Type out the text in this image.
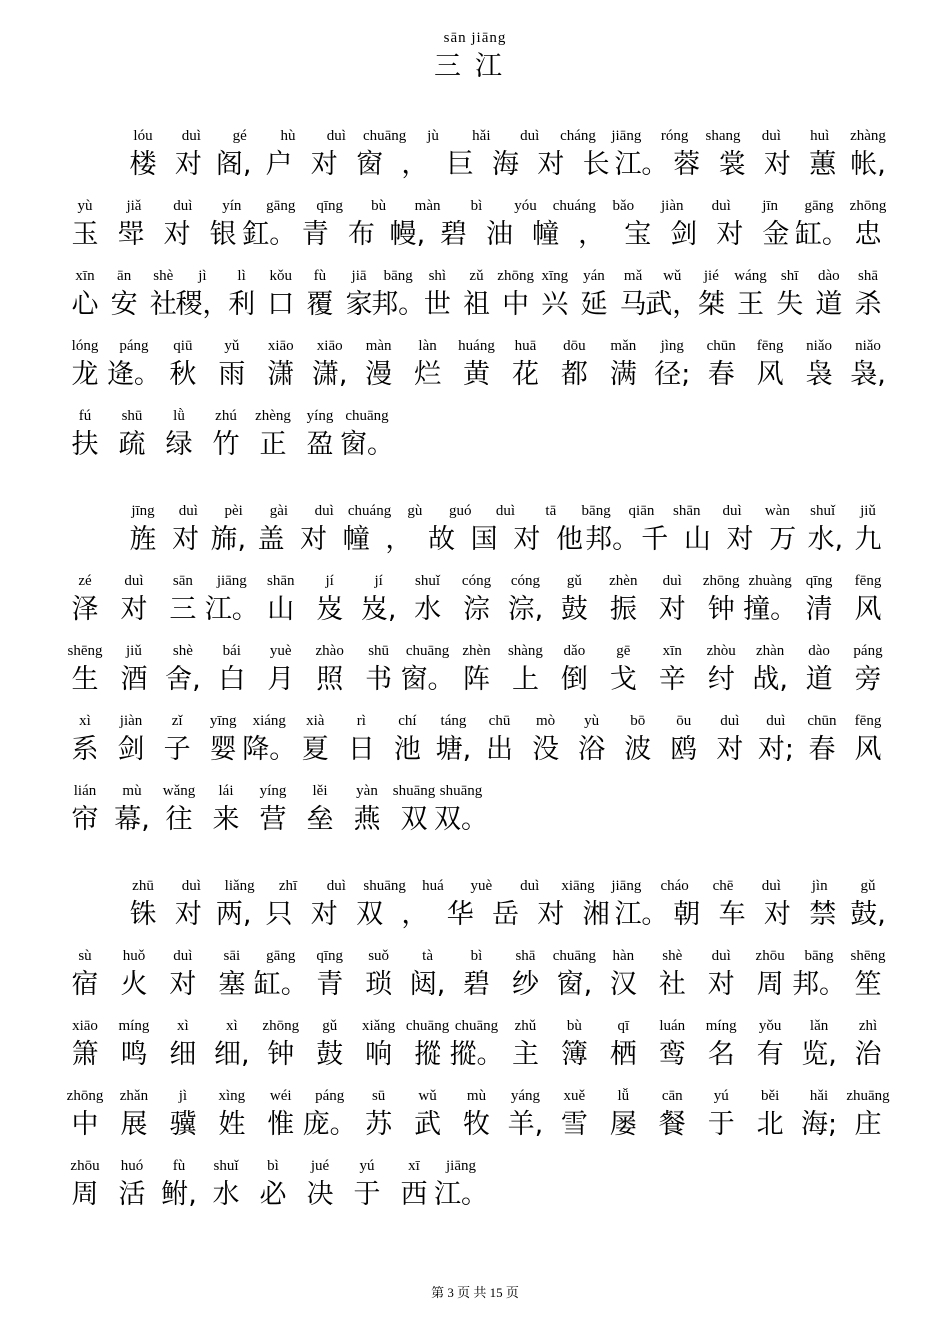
sān jiāng
三江
lóu duì gé hù duì chuāng jù hǎi duì cháng jiāng róng shang duì huì zhàng
楼 对 阁, 户 对 窗 ， 巨 海 对 长 江。 蓉 裳 对 蕙 帐,
yù jiǎ duì yín gāng qīng bù màn bì yóu chuáng bǎo jiàn duì jīn gāng zhōng
玉 斝 对 银 釭。 青 布 幔, 碧 油 幢 ， 宝 剑 对 金 缸。 忠
xīn ān shè jì lì kǒu fù jiā bāng shì zǔ zhōng xīng yán mǎ wǔ jié wáng shī dào shā
心 安 社
稷，
利 口 覆 家
邦。
世 祖 中 兴 延 马
武，
桀 王 失 道 杀
lóng páng qiū yǔ xiāo xiāo màn làn huáng huā dōu mǎn jìng chūn fēng niǎo niǎo
龙 逄。 秋 雨 潇 潇, 漫 烂 黄 花 都 满 径; 春 风 袅 袅,
fú shū lǜ zhú zhèng yíng chuāng
扶 疏 绿 竹 正 盈 窗。
jīng duì pèi gài duì chuáng gù guó duì tā bāng qiān shān duì wàn shuǐ jiǔ
旌 对 旆, 盖 对 幢 ， 故 国 对 他 邦。 千 山 对 万 水, 九
zé duì sān jiāng shān jí	jí shuǐ cóng cóng gǔ zhèn duì zhōng zhuàng qīng fēng
泽 对 三 江。 山 岌 岌, 水 淙 淙, 鼓 振 对 钟 撞。 清 风
shēng jiǔ shè bái yuè zhào shū chuāng zhèn shàng dǎo gē xīn zhòu zhàn dào páng
生 酒 舍, 白 月 照 书 窗。 阵 上 倒 戈 辛 纣 战, 道 旁
xì jiàn zǐ yīng xiáng xià rì chí táng chū mò yù bō ōu duì duì chūn fēng
系 剑 子 婴 降。 夏 日 池 塘, 出 没 浴 波 鸥 对 对; 春 风
lián mù wǎng lái yíng lěi yàn shuāng shuāng
帘 幕, 往 来 营 垒 燕 双 双。
zhū duì liǎng zhī duì shuāng huá yuè duì xiāng jiāng cháo chē duì jìn gǔ
铢 对 两, 只 对 双 ， 华 岳 对 湘 江。 朝 车 对 禁 鼓,
sù huǒ duì sāi gāng qīng suǒ tà	bì shā chuāng hàn shè duì zhōu bāng shēng
宿 火 对 塞 缸。 青 琐 闼, 碧 纱 窗, 汉 社 对 周 邦。 笙
xiāo míng xì xì zhōng gǔ xiǎng chuāng chuāng zhǔ bù qī luán míng yǒu lǎn zhì
箫 鸣 细 细, 钟 鼓 响 摐 摐。 主 簿 栖 鸾 名 有 览, 治
zhōng zhǎn jì xìng wéi páng sū wǔ mù yáng xuě lǚ cān yú běi hǎi zhuāng
中 展 骥 姓 惟 庞。 苏 武 牧 羊, 雪 屡 餐 于 北 海; 庄
zhōu huó fù shuǐ bì jué yú xī jiāng
周 活 鲋, 水 必 决 于 西 江。
第 3 页 共 15 页
